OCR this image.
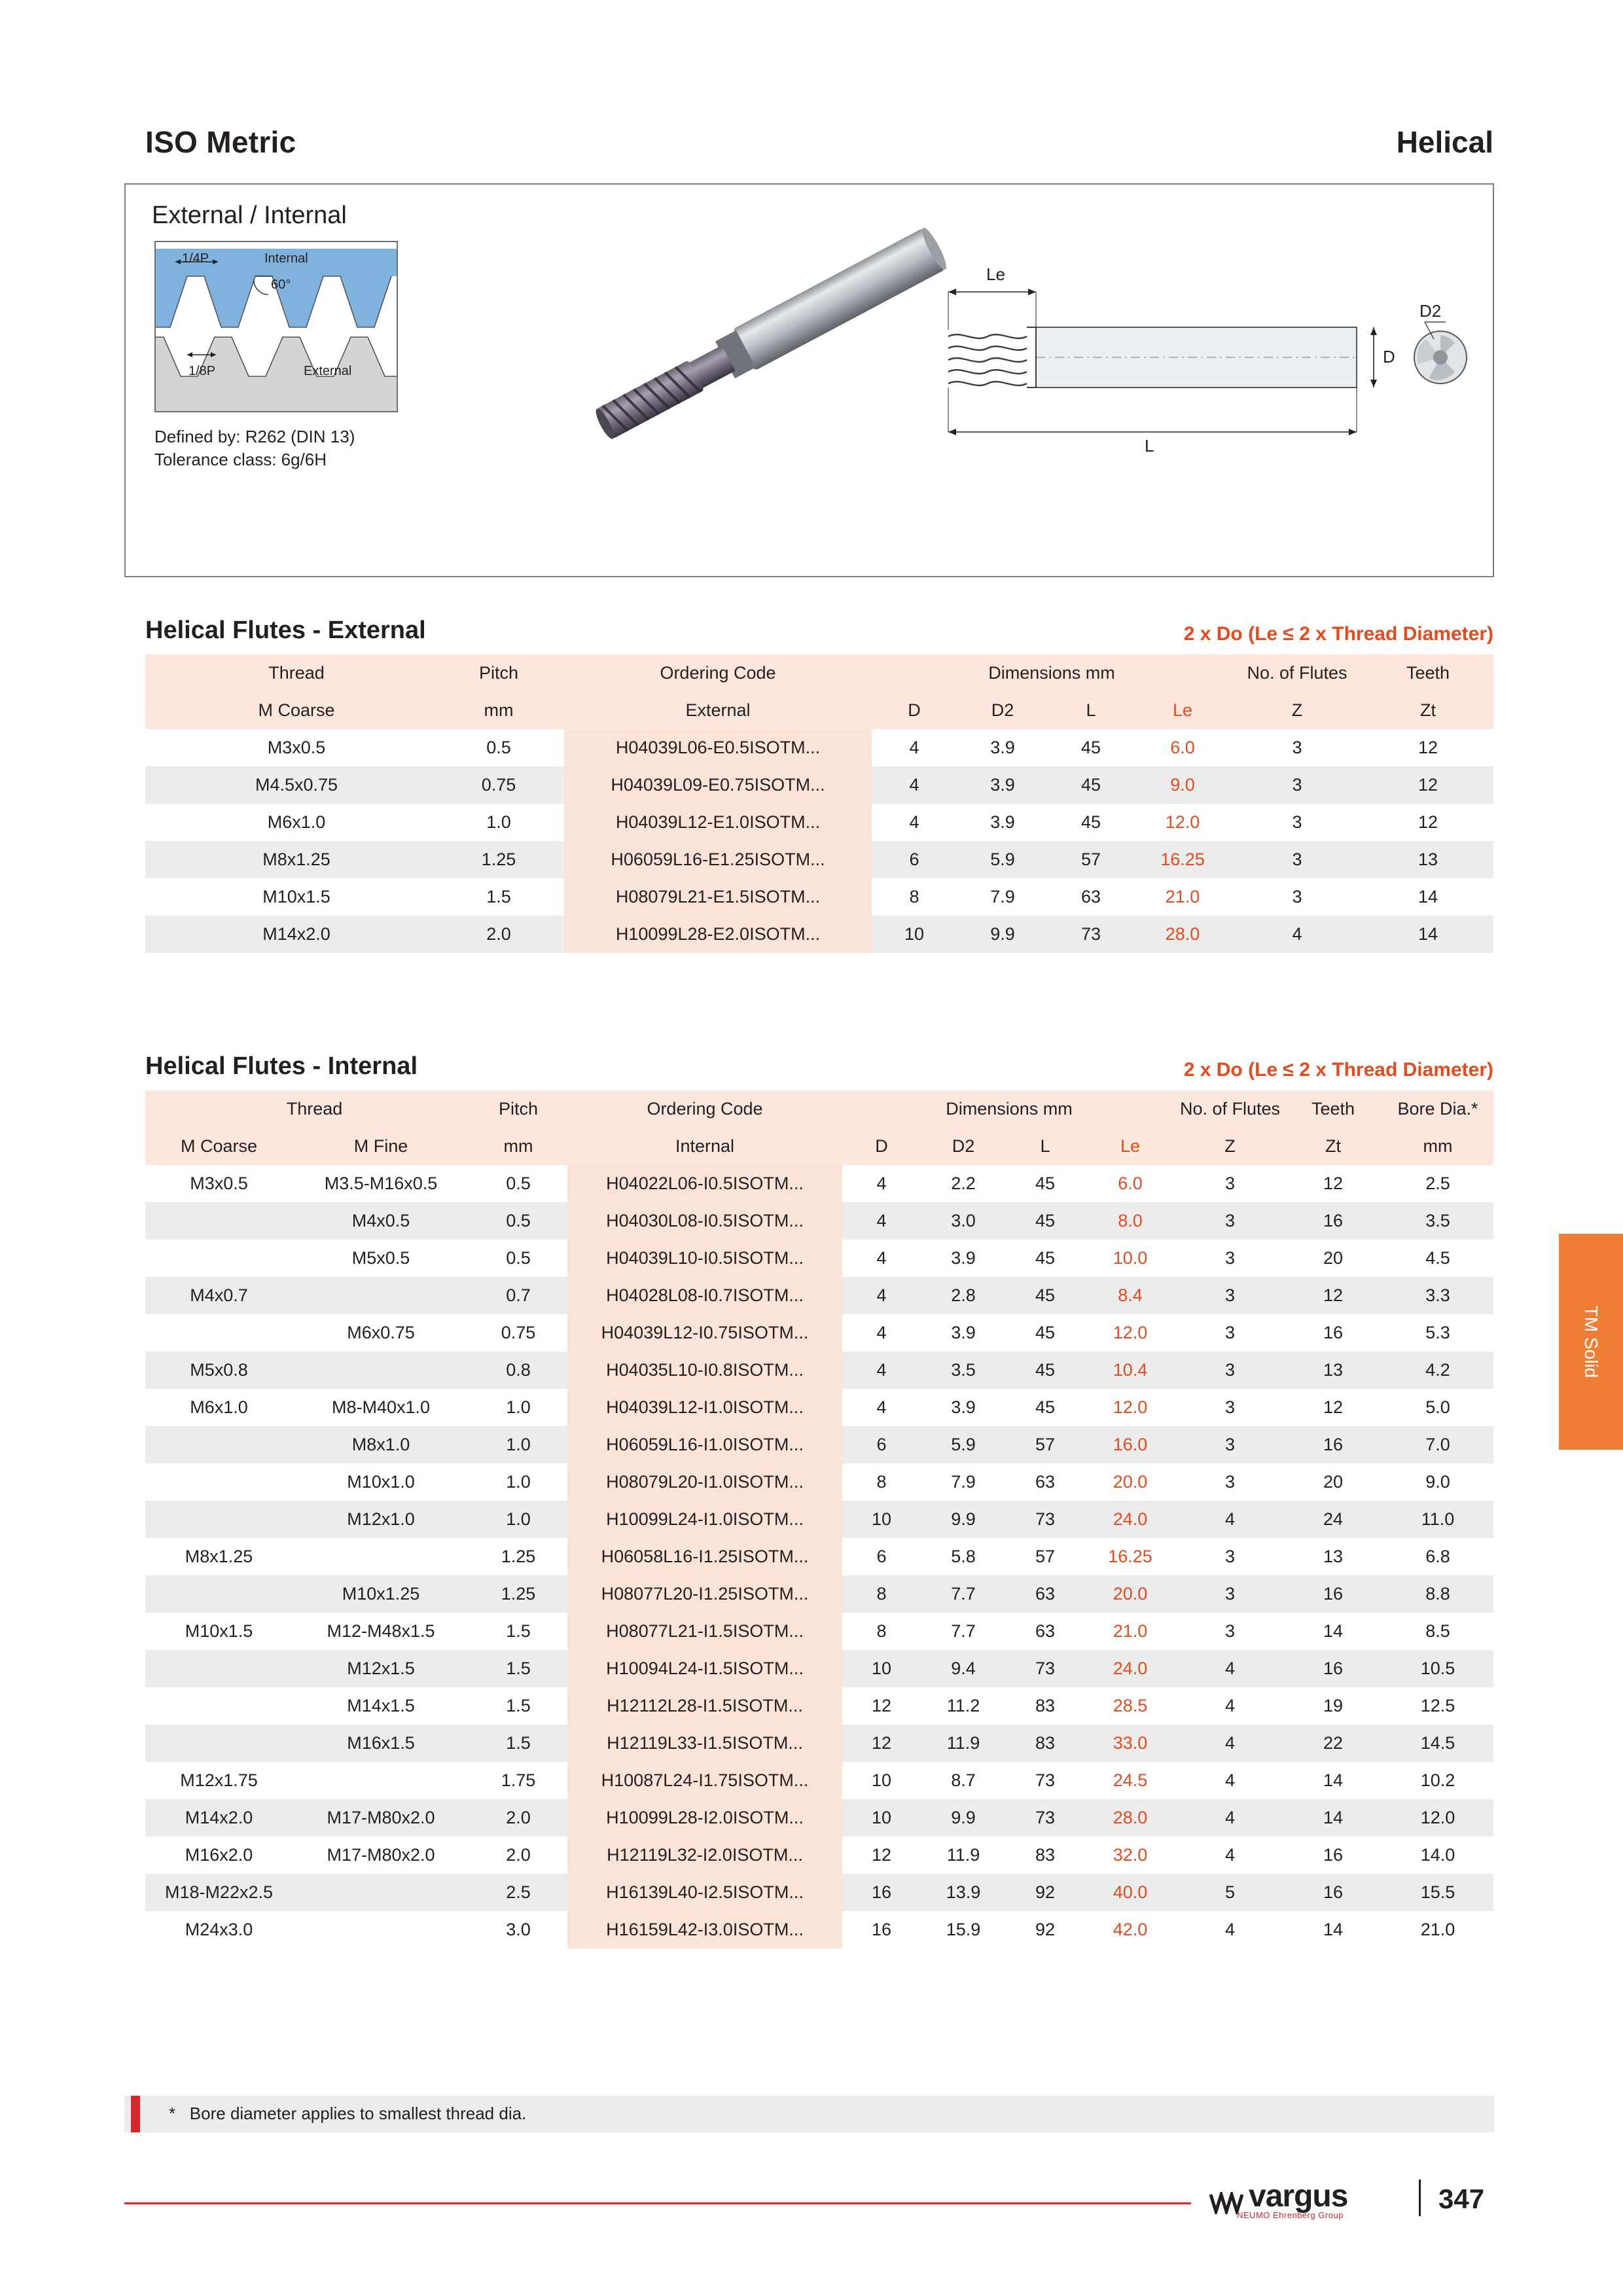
ISO Metric	Helical
External / Internal
1/4P	Internal
60°
1/8P	External
Defined by: R262 (DIN 13)
Tolerance class: 6g/6H
Le
L
D
D2
Helical Flutes - External	2 x Do (Le ≤ 2 x Thread Diameter)
Thread	Pitch	Ordering Code	Dimensions mm				No. of Flutes	Teeth
M Coarse	mm	External	D	D2	L	Le	Z	Zt
M3x0.5	0.5	H04039L06-E0.5ISOTM...	4	3.9	45	6.0	3	12
M4.5x0.75	0.75	H04039L09-E0.75ISOTM...	4	3.9	45	9.0	3	12
M6x1.0	1.0	H04039L12-E1.0ISOTM...	4	3.9	45	12.0	3	12
M8x1.25	1.25	H06059L16-E1.25ISOTM...	6	5.9	57	16.25	3	13
M10x1.5	1.5	H08079L21-E1.5ISOTM...	8	7.9	63	21.0	3	14
M14x2.0	2.0	H10099L28-E2.0ISOTM...	10	9.9	73	28.0	4	14
Helical Flutes - Internal	2 x Do (Le ≤ 2 x Thread Diameter)
Thread		Pitch	Ordering Code	Dimensions mm				No. of Flutes	Teeth	Bore Dia.*
M Coarse	M Fine	mm	Internal	D	D2	L	Le	Z	Zt	mm
M3x0.5	M3.5-M16x0.5	0.5	H04022L06-I0.5ISOTM...	4	2.2	45	6.0	3	12	2.5
	M4x0.5	0.5	H04030L08-I0.5ISOTM...	4	3.0	45	8.0	3	16	3.5
	M5x0.5	0.5	H04039L10-I0.5ISOTM...	4	3.9	45	10.0	3	20	4.5
M4x0.7		0.7	H04028L08-I0.7ISOTM...	4	2.8	45	8.4	3	12	3.3
	M6x0.75	0.75	H04039L12-I0.75ISOTM...	4	3.9	45	12.0	3	16	5.3
M5x0.8		0.8	H04035L10-I0.8ISOTM...	4	3.5	45	10.4	3	13	4.2
M6x1.0	M8-M40x1.0	1.0	H04039L12-I1.0ISOTM...	4	3.9	45	12.0	3	12	5.0
	M8x1.0	1.0	H06059L16-I1.0ISOTM...	6	5.9	57	16.0	3	16	7.0
	M10x1.0	1.0	H08079L20-I1.0ISOTM...	8	7.9	63	20.0	3	20	9.0
	M12x1.0	1.0	H10099L24-I1.0ISOTM...	10	9.9	73	24.0	4	24	11.0
M8x1.25		1.25	H06058L16-I1.25ISOTM...	6	5.8	57	16.25	3	13	6.8
	M10x1.25	1.25	H08077L20-I1.25ISOTM...	8	7.7	63	20.0	3	16	8.8
M10x1.5	M12-M48x1.5	1.5	H08077L21-I1.5ISOTM...	8	7.7	63	21.0	3	14	8.5
	M12x1.5	1.5	H10094L24-I1.5ISOTM...	10	9.4	73	24.0	4	16	10.5
	M14x1.5	1.5	H12112L28-I1.5ISOTM...	12	11.2	83	28.5	4	19	12.5
	M16x1.5	1.5	H12119L33-I1.5ISOTM...	12	11.9	83	33.0	4	22	14.5
M12x1.75		1.75	H10087L24-I1.75ISOTM...	10	8.7	73	24.5	4	14	10.2
M14x2.0	M17-M80x2.0	2.0	H10099L28-I2.0ISOTM...	10	9.9	73	28.0	4	14	12.0
M16x2.0	M17-M80x2.0	2.0	H12119L32-I2.0ISOTM...	12	11.9	83	32.0	4	16	14.0
M18-M22x2.5		2.5	H16139L40-I2.5ISOTM...	16	13.9	92	40.0	5	16	15.5
M24x3.0		3.0	H16159L42-I3.0ISOTM...	16	15.9	92	42.0	4	14	21.0
TM Solid
* Bore diameter applies to smallest thread dia.
vargus
NEUMO Ehrenberg Group
347
